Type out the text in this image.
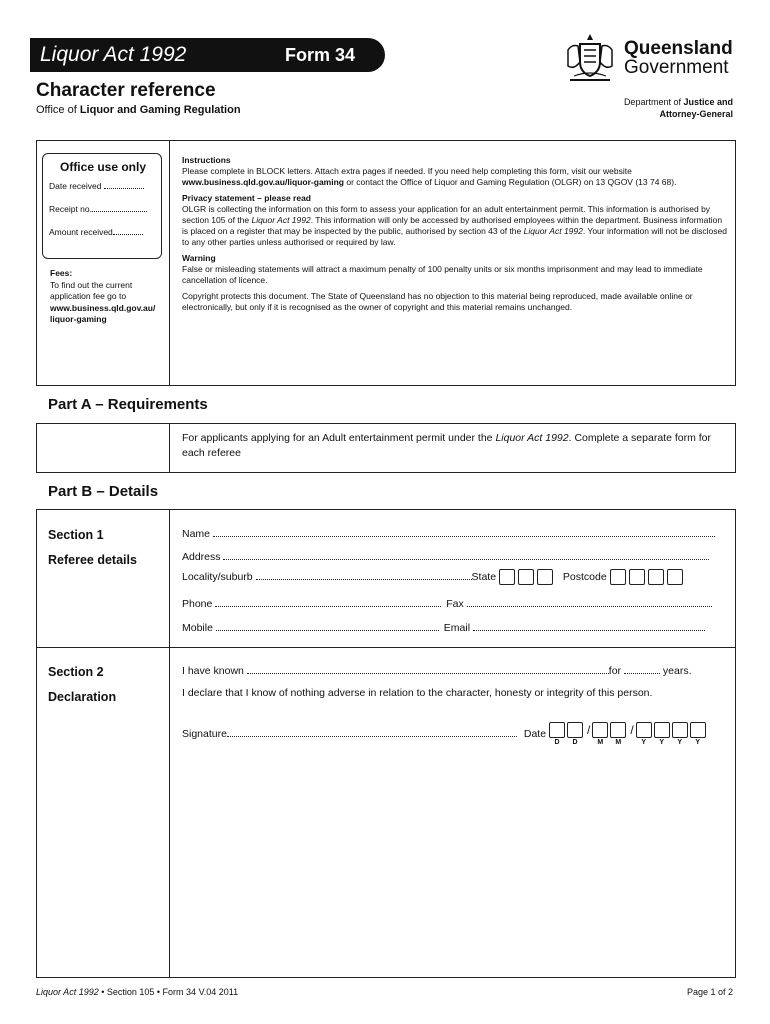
Liquor Act 1992	Form 34
Character reference
Office of Liquor and Gaming Regulation
Queensland
Government
Department of Justice and
Attorney-General
Office use only
Date received
Receipt no.
Amount received
Fees:
To find out the current application fee go to
www.business.qld.gov.au/ liquor-gaming
Instructions

Please complete in BLOCK letters. Attach extra pages if needed. If you need help completing this form, visit our website
www.business.qld.gov.au/liquor-gaming or contact the Office of Liquor and Gaming Regulation (OLGR) on 13 QGOV (13 74 68).

Privacy statement – please read

OLGR is collecting the information on this form to assess your application for an adult entertainment permit. This information is authorised by section 105 of the Liquor Act 1992. This information will only be accessed by authorised employees within the department. Business information is placed on a register that may be inspected by the public, authorised by section 43 of the Liquor Act 1992. Your information will not be disclosed to any other parties unless authorised or required by law.

Warning

False or misleading statements will attract a maximum penalty of 100 penalty units or six months imprisonment and may lead to immediate cancellation of licence.

Copyright protects this document. The State of Queensland has no objection to this material being reproduced, made available online or electronically, but only if it is recognised as the owner of copyright and this material remains unchanged.

Part A – Requirements
For applicants applying for an Adult entertainment permit under the Liquor Act 1992. Complete a separate form for each referee
Part B – Details
Section 1
Referee details
Name
Address
Locality/suburb	State	Postcode
Phone	Fax
Mobile	Email
Section 2
Declaration
I have known	for	years.
I declare that I know of nothing adverse in relation to the character, honesty or integrity of this person.
Signature	Date
D D
/
M M
/
Y Y Y Y
Liquor Act 1992 • Section 105 • Form 34 V.04 2011	Page 1 of 2
